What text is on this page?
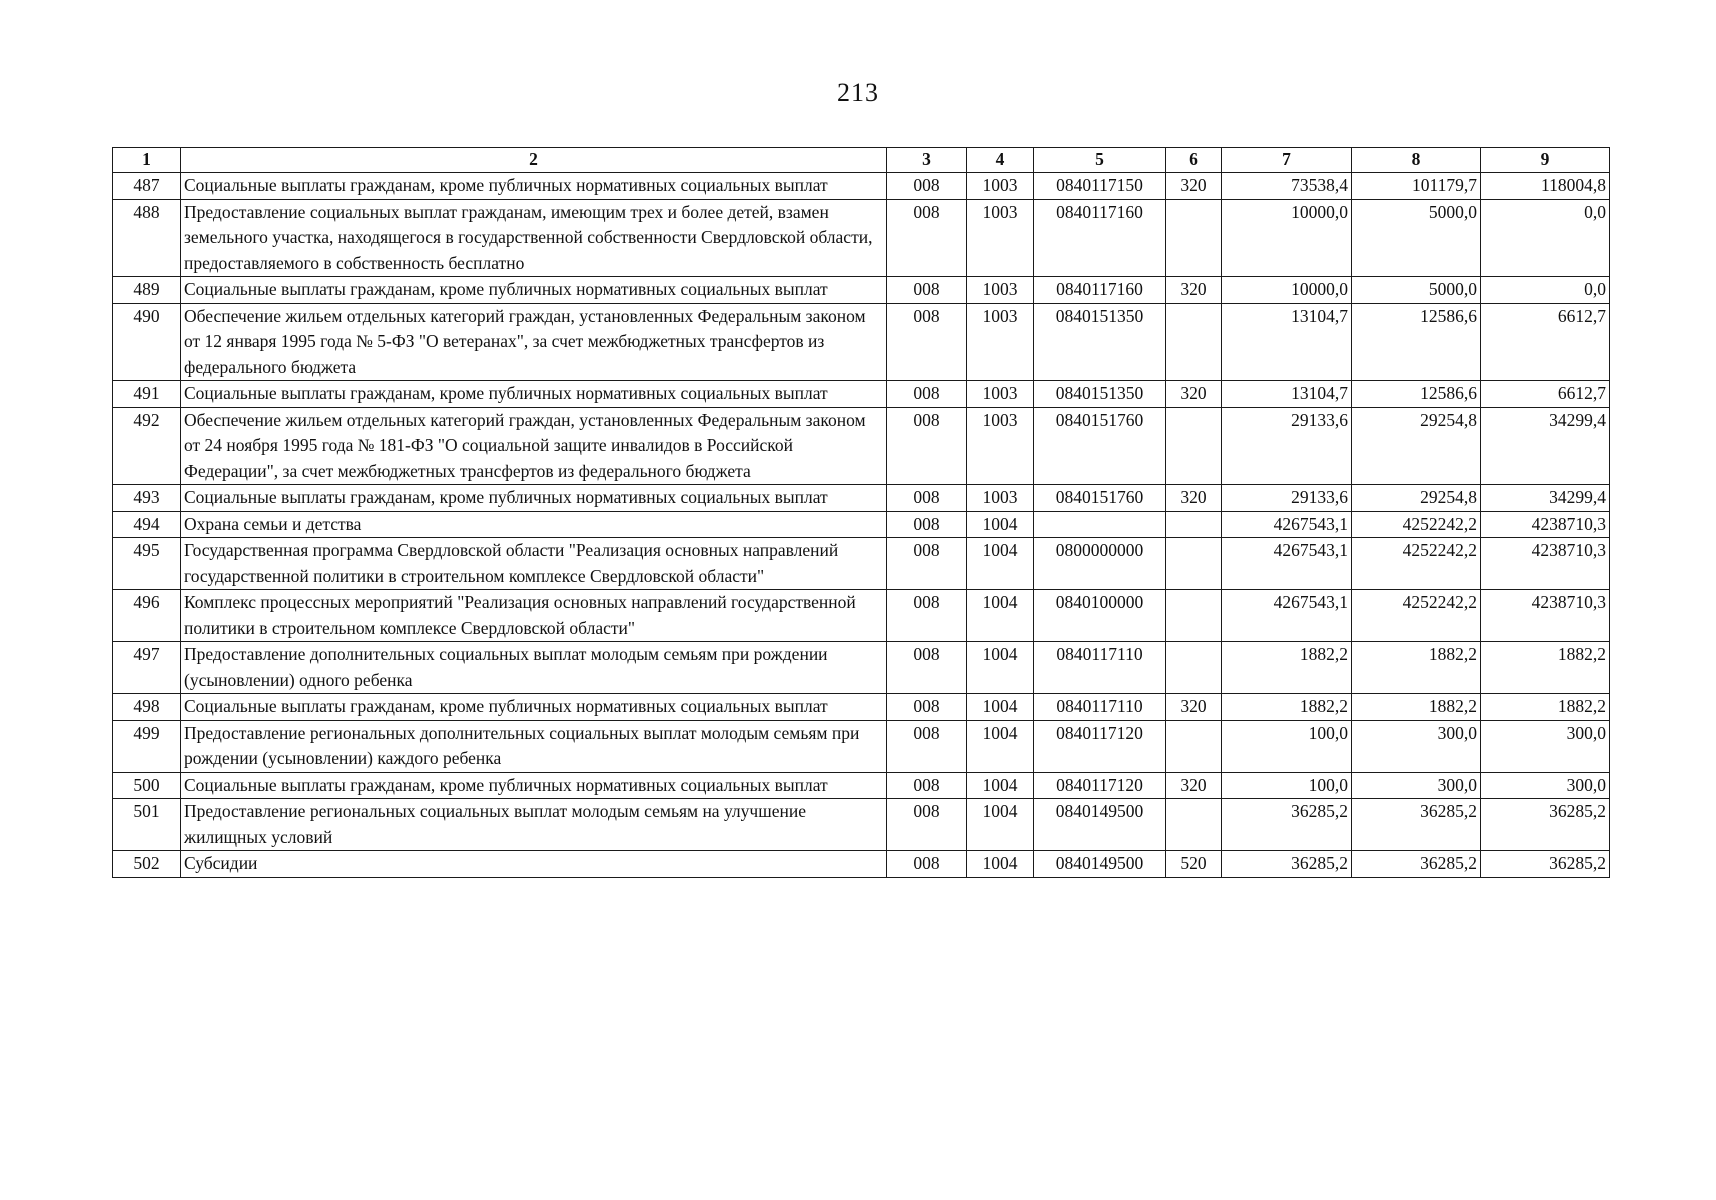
213
1	2	3	4	5	6	7	8	9
487	Социальные выплаты гражданам, кроме публичных нормативных социальных выплат	008	1003	0840117150	320	73538,4	101179,7	118004,8
488	Предоставление социальных выплат гражданам, имеющим трех и более детей, взамен земельного участка, находящегося в государственной собственности Свердловской области, предоставляемого в собственность бесплатно	008	1003	0840117160		10000,0	5000,0	0,0
489	Социальные выплаты гражданам, кроме публичных нормативных социальных выплат	008	1003	0840117160	320	10000,0	5000,0	0,0
490	Обеспечение жильем отдельных категорий граждан, установленных Федеральным законом от 12 января 1995 года № 5-ФЗ "О ветеранах", за счет межбюджетных трансфертов из федерального бюджета	008	1003	0840151350		13104,7	12586,6	6612,7
491	Социальные выплаты гражданам, кроме публичных нормативных социальных выплат	008	1003	0840151350	320	13104,7	12586,6	6612,7
492	Обеспечение жильем отдельных категорий граждан, установленных Федеральным законом от 24 ноября 1995 года № 181-ФЗ "О социальной защите инвалидов в Российской Федерации", за счет межбюджетных трансфертов из федерального бюджета	008	1003	0840151760		29133,6	29254,8	34299,4
493	Социальные выплаты гражданам, кроме публичных нормативных социальных выплат	008	1003	0840151760	320	29133,6	29254,8	34299,4
494	Охрана семьи и детства	008	1004			4267543,1	4252242,2	4238710,3
495	Государственная программа Свердловской области "Реализация основных направлений государственной политики в строительном комплексе Свердловской области"	008	1004	0800000000		4267543,1	4252242,2	4238710,3
496	Комплекс процессных мероприятий "Реализация основных направлений государственной политики в строительном комплексе Свердловской области"	008	1004	0840100000		4267543,1	4252242,2	4238710,3
497	Предоставление дополнительных социальных выплат молодым семьям при рождении (усыновлении) одного ребенка	008	1004	0840117110		1882,2	1882,2	1882,2
498	Социальные выплаты гражданам, кроме публичных нормативных социальных выплат	008	1004	0840117110	320	1882,2	1882,2	1882,2
499	Предоставление региональных дополнительных социальных выплат молодым семьям при рождении (усыновлении) каждого ребенка	008	1004	0840117120		100,0	300,0	300,0
500	Социальные выплаты гражданам, кроме публичных нормативных социальных выплат	008	1004	0840117120	320	100,0	300,0	300,0
501	Предоставление региональных социальных выплат молодым семьям на улучшение жилищных условий	008	1004	0840149500		36285,2	36285,2	36285,2
502	Субсидии	008	1004	0840149500	520	36285,2	36285,2	36285,2
